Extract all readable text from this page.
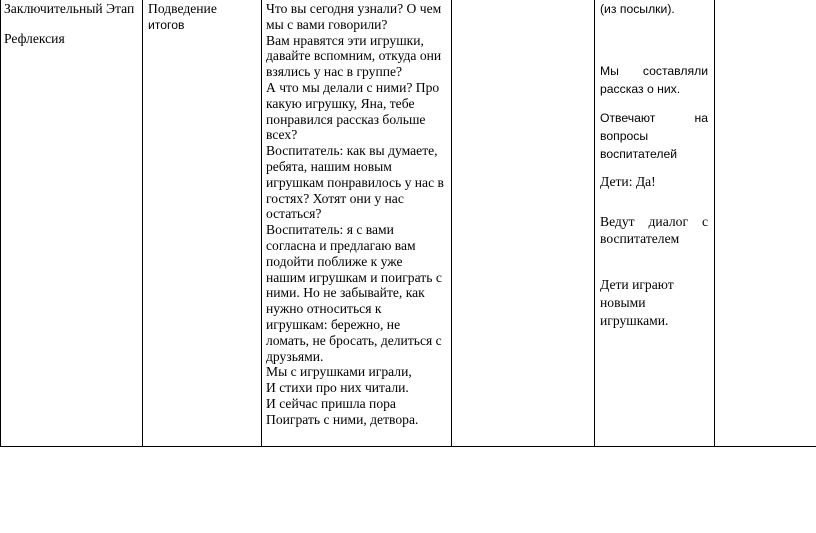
Заключительный Этап
Рефлексия
Подведение
итогов
Что вы сегодня узнали? О чем
мы с вами говорили?
Вам нравятся эти игрушки,
давайте вспомним, откуда они
взялись у нас в группе?
А что мы делали с ними? Про
какую игрушку, Яна, тебе
понравился рассказ больше
всех?
Воспитатель: как вы думаете,
ребята, нашим новым
игрушкам понравилось у нас в
гостях? Хотят они у нас
остаться?
Воспитатель: я с вами
согласна и предлагаю вам
подойти поближе к уже
нашим игрушкам и поиграть с
ними. Но не забывайте, как
нужно относиться к
игрушкам: бережно, не
ломать, не бросать, делиться с
друзьями.
Мы с игрушками играли,
И стихи про них читали.
И сейчас пришла пора
Поиграть с ними, детвора.
(из посылки).
Мы составляли
рассказ о них.
Отвечают на
вопросы
воспитателей
Дети: Да!
Ведут диалог с
воспитателем
Дети играют
новыми
игрушками.
